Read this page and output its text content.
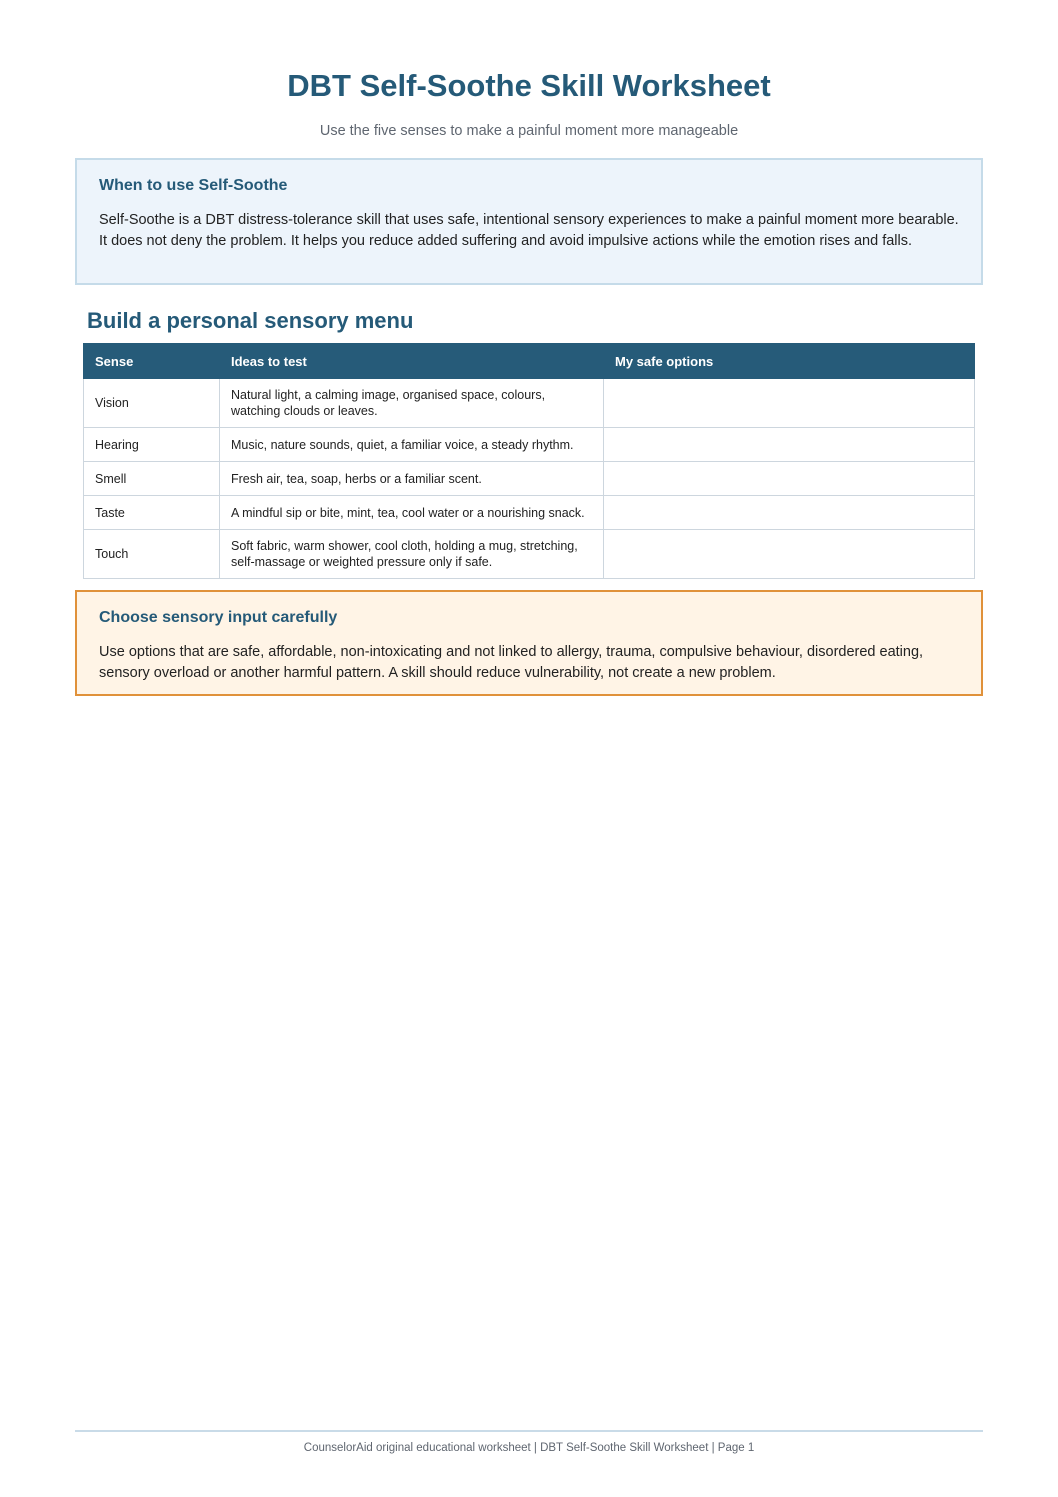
DBT Self-Soothe Skill Worksheet

Use the five senses to make a painful moment more manageable

When to use Self-Soothe

Self-Soothe is a DBT distress-tolerance skill that uses safe, intentional sensory experiences to make a painful moment more bearable. It does not deny the problem. It helps you reduce added suffering and avoid impulsive actions while the emotion rises and falls.

Build a personal sensory menu
Sense	Ideas to test	My safe options
Vision	Natural light, a calming image, organised space, colours, watching clouds or leaves.	
Hearing	Music, nature sounds, quiet, a familiar voice, a steady rhythm.	
Smell	Fresh air, tea, soap, herbs or a familiar scent.	
Taste	A mindful sip or bite, mint, tea, cool water or a nourishing snack.	
Touch	Soft fabric, warm shower, cool cloth, holding a mug, stretching, self-massage or weighted pressure only if safe.	
Choose sensory input carefully

Use options that are safe, affordable, non-intoxicating and not linked to allergy, trauma, compulsive behaviour, disordered eating, sensory overload or another harmful pattern. A skill should reduce vulnerability, not create a new problem.

CounselorAid original educational worksheet | DBT Self-Soothe Skill Worksheet | Page 1
